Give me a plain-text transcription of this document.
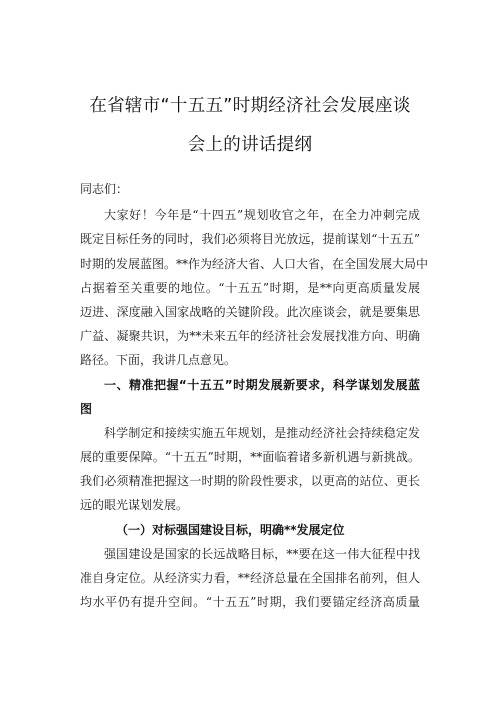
在省辖市“十五五”时期经济社会发展座谈
会上的讲话提纲
同志们：
大家好！今年是“十四五”规划收官之年，在全力冲刺完成
既定目标任务的同时，我们必须将目光放远，提前谋划“十五五”
时期的发展蓝图。**作为经济大省、人口大省，在全国发展大局中
占据着至关重要的地位。“十五五”时期，是**向更高质量发展
迈进、深度融入国家战略的关键阶段。此次座谈会，就是要集思
广益、凝聚共识，为**未来五年的经济社会发展找准方向、明确
路径。下面，我讲几点意见。
一、精准把握“十五五”时期发展新要求，科学谋划发展蓝
图
科学制定和接续实施五年规划，是推动经济社会持续稳定发
展的重要保障。“十五五”时期，**面临着诸多新机遇与新挑战。
我们必须精准把握这一时期的阶段性要求，以更高的站位、更长
远的眼光谋划发展。
（一）对标强国建设目标，明确**发展定位
强国建设是国家的长远战略目标，**要在这一伟大征程中找
准自身定位。从经济实力看，**经济总量在全国排名前列，但人
均水平仍有提升空间。“十五五”时期，我们要锚定经济高质量
